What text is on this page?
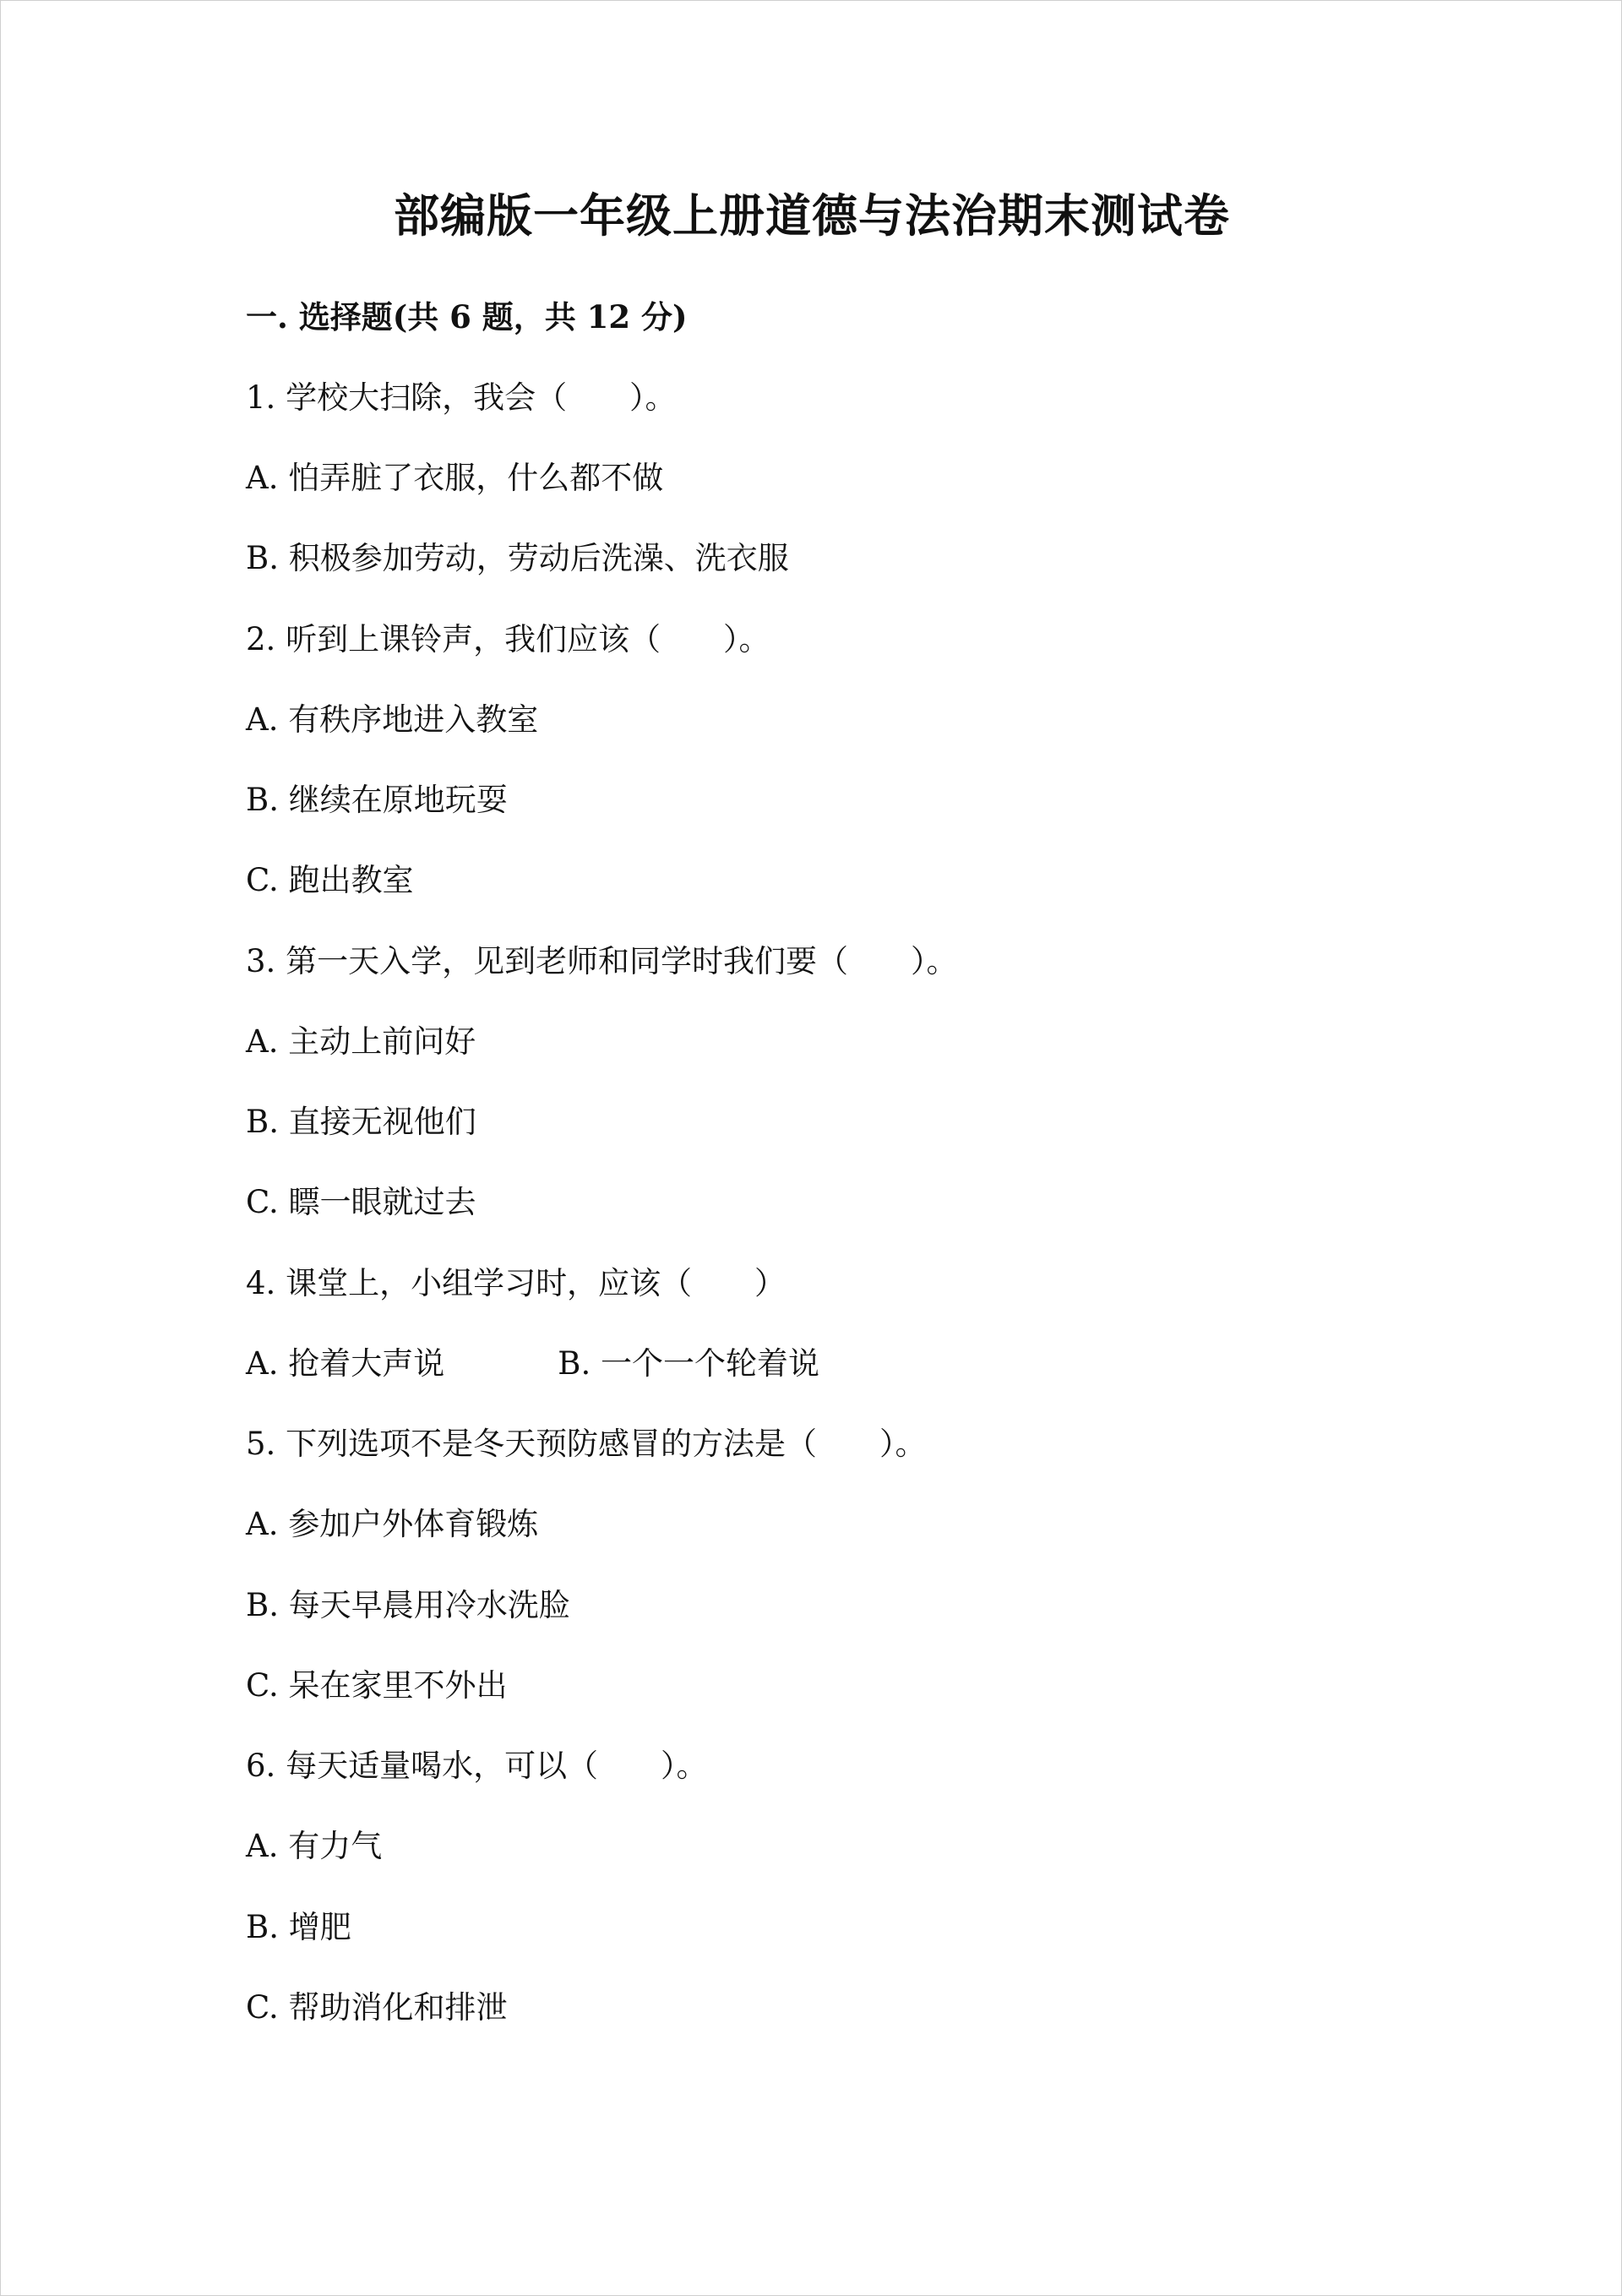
部编版一年级上册道德与法治期末测试卷
一. 选择题(共 6 题，共 12 分)
1. 学校大扫除，我会（　　）。
A. 怕弄脏了衣服，什么都不做
B. 积极参加劳动，劳动后洗澡、洗衣服
2. 听到上课铃声，我们应该（　　）。
A. 有秩序地进入教室
B. 继续在原地玩耍
C. 跑出教室
3. 第一天入学，见到老师和同学时我们要（　　）。
A. 主动上前问好
B. 直接无视他们
C. 瞟一眼就过去
4. 课堂上，小组学习时，应该（　　）
A. 抢着大声说	B. 一个一个轮着说
5. 下列选项不是冬天预防感冒的方法是（　　）。
A. 参加户外体育锻炼
B. 每天早晨用冷水洗脸
C. 呆在家里不外出
6. 每天适量喝水，可以（　　）。
A. 有力气
B. 增肥
C. 帮助消化和排泄
